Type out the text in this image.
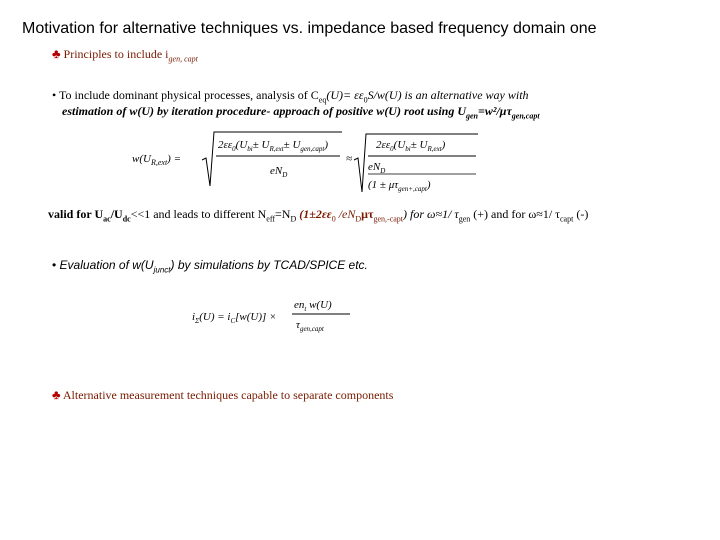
Motivation for alternative techniques vs. impedance based frequency domain one
♣ Principles to include $i_{gen, capt}$
• To include dominant physical processes, analysis of $C_{eq}(U)= \varepsilon\varepsilon_0S/w(U)$ is an alternative way with
estimation of w(U) by iteration procedure- approach of positive w(U) root using $U_{gen}=w^2/\mu\tau_{gen,capt}$
$w(U_{R,ext})$ =
$2\varepsilon\varepsilon_0(U_{bi}\pm U_{R,ext}\pm U_{gen,capt})$
$eN_D$
≈
$2\varepsilon\varepsilon_0(U_{bi}\pm U_{R,ext})$
$eN_D$
$(1 \pm \mu\tau_{gen+,capt})$
valid for $U_{ac}/U_{dc}<<1$ and leads to different $N_{eff}=N_D$ ($1\pm 2\varepsilon\varepsilon_0$ $/eN_D\mu\tau_{gen,-capt}$) for ω≈1/ $\tau_{gen}$ (+) and for ω≈1/ $\tau_{capt}$ (-)
• Evaluation of $w(U_{junct})$ by simulations by TCAD/SPICE etc.
$i_\Sigma(U) = i_C[w(U)]$ ×
$en_t$ w(U)
$\tau_{gen,capt}$
♣ Alternative measurement techniques capable to separate components
